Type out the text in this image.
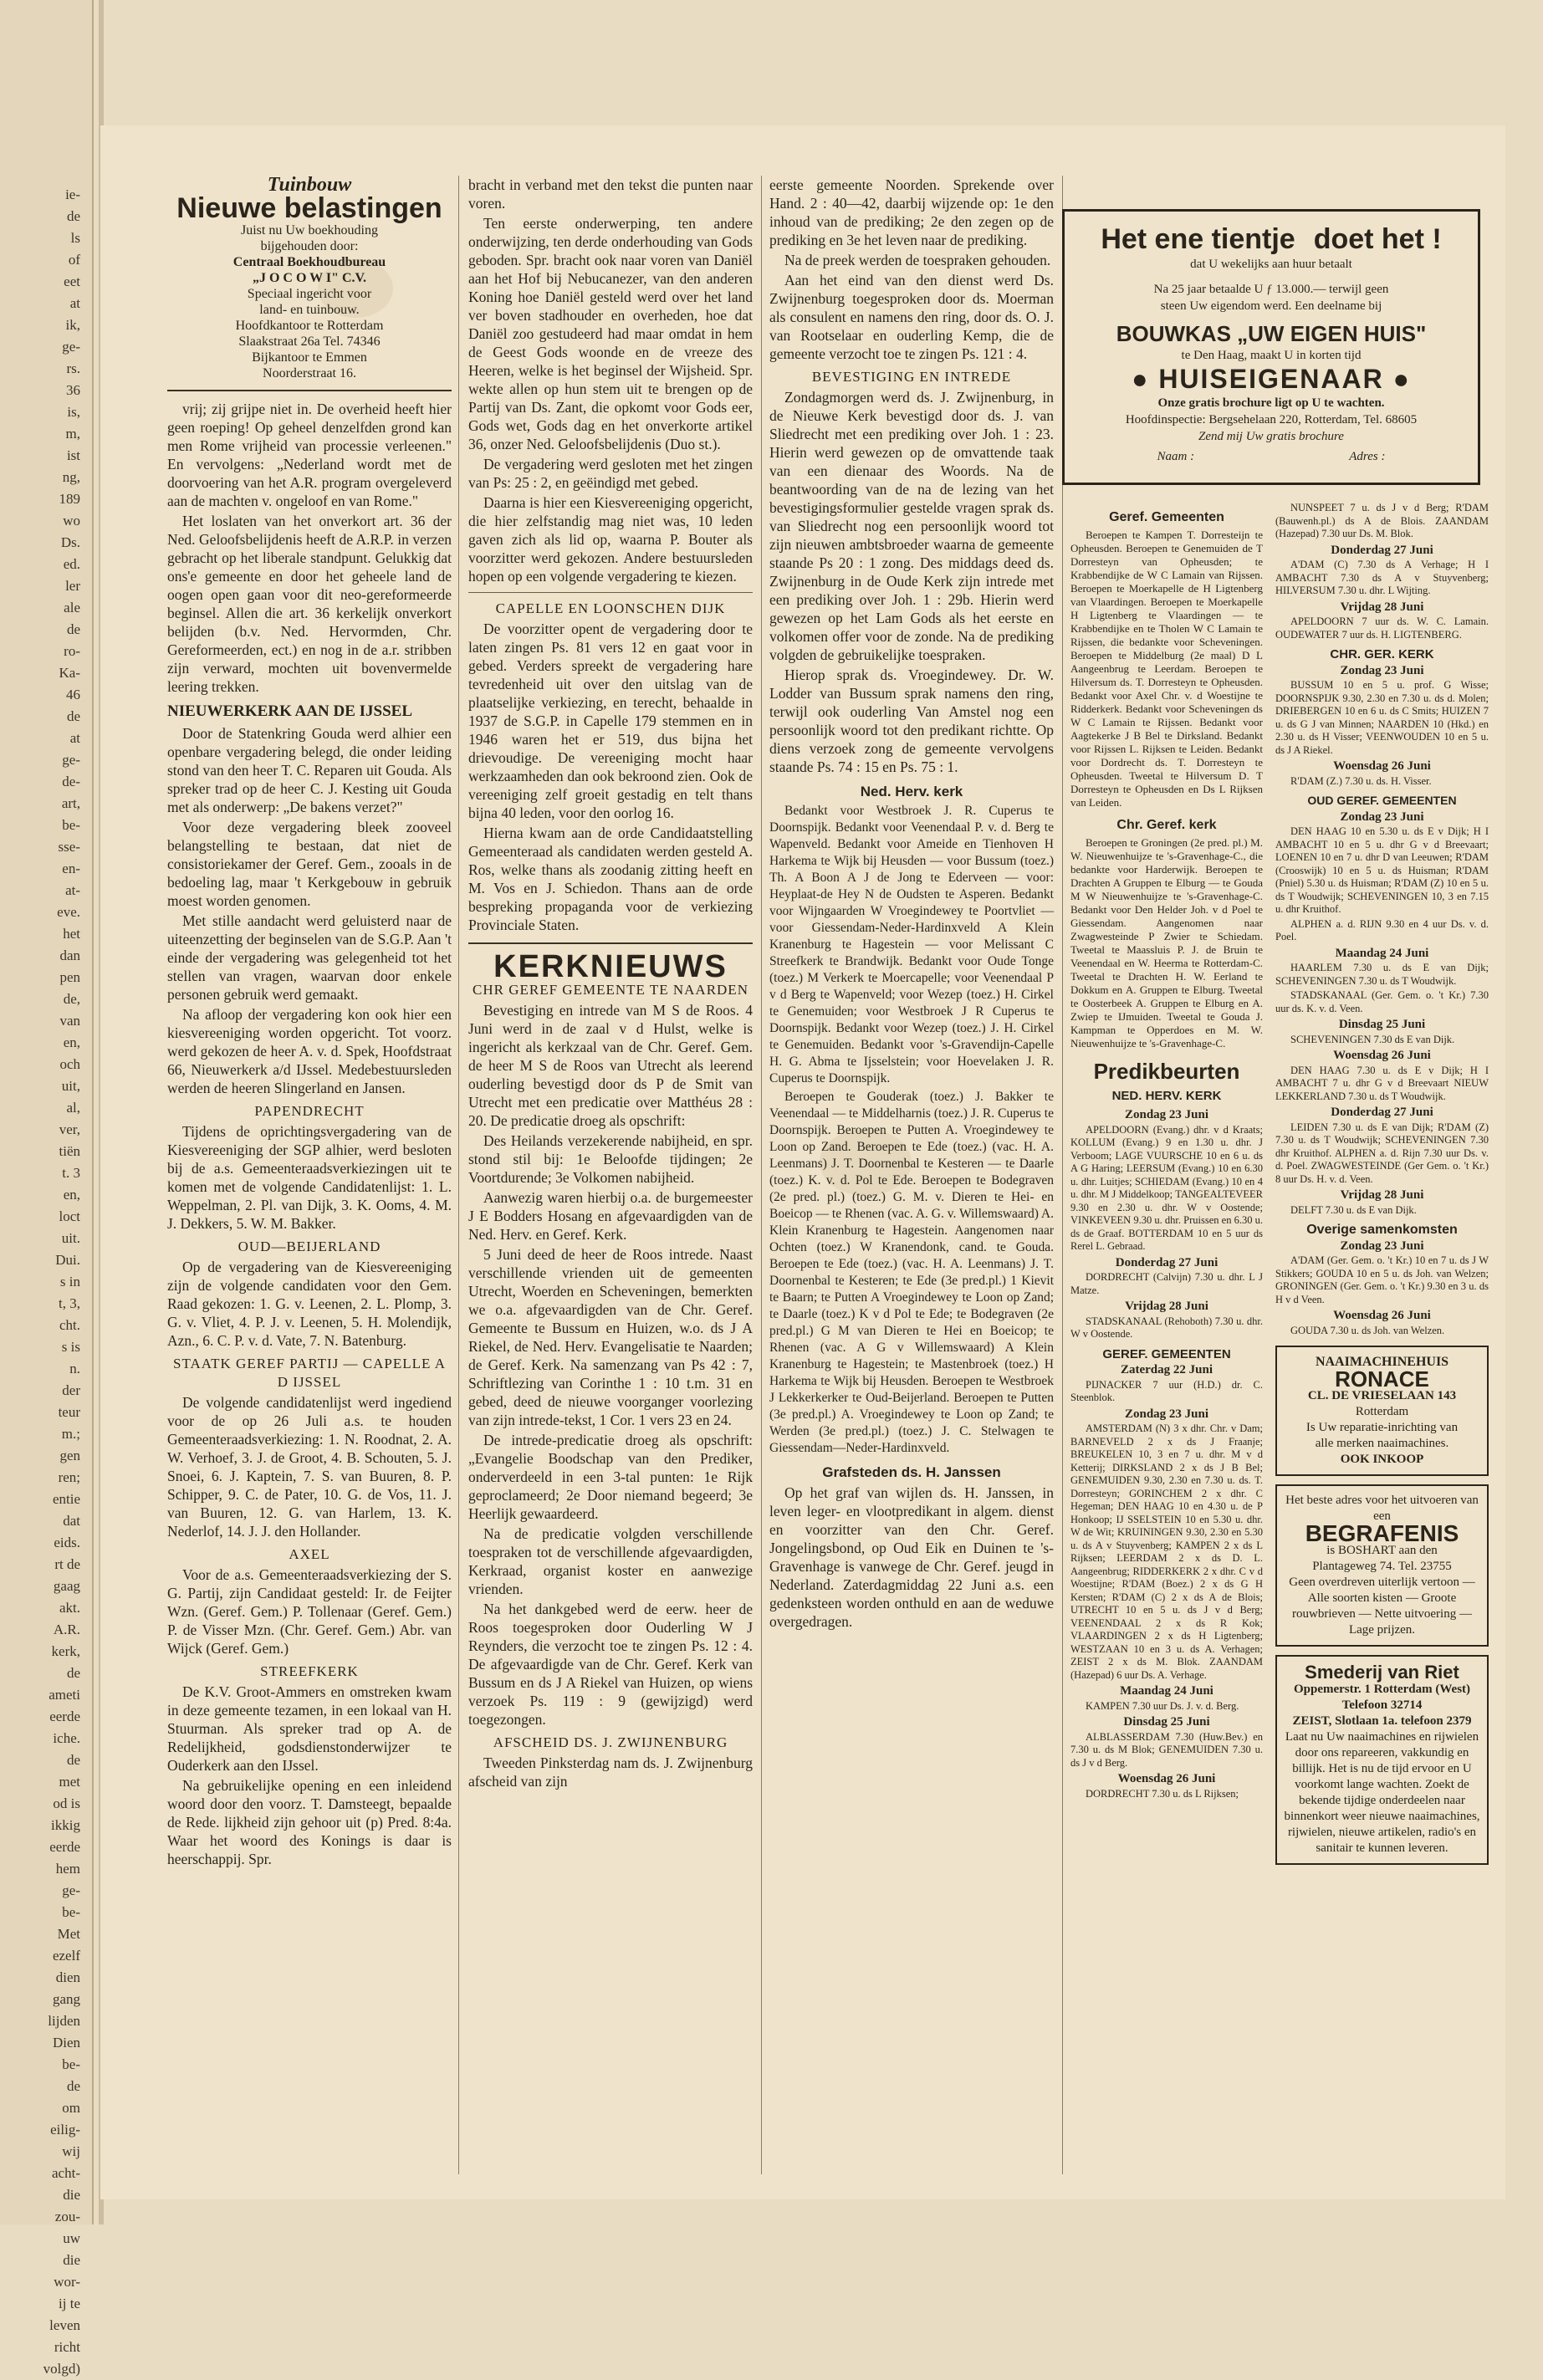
ie-
de
ls
of
eet
at
ik,
ge-
rs.
36
is,
m,
ist
ng,
189
wo
Ds.
ed.
ler
ale
de
ro-
Ka-
46
de
at
ge-
de-
art,
be-
sse-
en-
at-
eve.
het
dan
pen
de,
van
en,
och
uit,
al,
ver,
tiën
t. 3
en,
loct
uit.
Dui.
s in
t, 3,
cht.
s is
n.
der
teur
m.;
gen
ren;
entie
dat
eids.
rt de
gaag
akt.
A.R.
kerk,
de
ameti
eerde
iche.
de
met
od is
ikkig
eerde
hem
ge-
be-
Met
ezelf
dien
gang
lijden
Dien
be-
de
om
eilig-
wij
acht-
die
zou-
uw
die
wor-
ij te
leven
richt
volgd)
Tuinbouw
Nieuwe belastingen
Juist nu Uw boekhouding
bijgehouden door:
Centraal Boekhoudbureau
„J O C O W I" C.V.
Speciaal ingericht voor
land- en tuinbouw.
Hoofdkantoor te Rotterdam
Slaakstraat 26a Tel. 74346
Bijkantoor te Emmen
Noorderstraat 16.

vrij; zij grijpe niet in. De overheid heeft hier geen roeping! Op geheel denzelfden grond kan men Rome vrijheid van processie verleenen." En vervolgens: „Nederland wordt met de doorvoering van het A.R. program overgeleverd aan de machten v. ongeloof en van Rome."

Het loslaten van het onverkort art. 36 der Ned. Geloofsbelijdenis heeft de A.R.P. in verzen gebracht op het liberale standpunt. Gelukkig dat ons'e gemeente en door het geheele land de oogen open gaan voor dit neo-gereformeerde beginsel. Allen die art. 36 kerkelijk onverkort belijden (b.v. Ned. Hervormden, Chr. Gereformeerden, ect.) en nog in de a.r. stribben zijn verward, mochten uit bovenvermelde leering trekken.

NIEUWERKERK AAN DE IJSSEL

Door de Statenkring Gouda werd alhier een openbare vergadering belegd, die onder leiding stond van den heer T. C. Reparen uit Gouda. Als spreker trad op de heer C. J. Kesting uit Gouda met als onderwerp: „De bakens verzet?"

Voor deze vergadering bleek zooveel belangstelling te bestaan, dat niet de consistoriekamer der Geref. Gem., zooals in de bedoeling lag, maar 't Kerkgebouw in gebruik moest worden genomen.

Met stille aandacht werd geluisterd naar de uiteenzetting der beginselen van de S.G.P. Aan 't einde der vergadering was gelegenheid tot het stellen van vragen, waarvan door enkele personen gebruik werd gemaakt.

Na afloop der vergadering kon ook hier een kiesvereeniging worden opgericht. Tot voorz. werd gekozen de heer A. v. d. Spek, Hoofdstraat 66, Nieuwerkerk a/d IJssel. Medebestuursleden werden de heeren Slingerland en Jansen.

PAPENDRECHT

Tijdens de oprichtingsvergadering van de Kiesvereeniging der SGP alhier, werd besloten bij de a.s. Gemeenteraadsverkiezingen uit te komen met de volgende Candidatenlijst: 1. L. Weppelman, 2. Pl. van Dijk, 3. K. Ooms, 4. M. J. Dekkers, 5. W. M. Bakker.

OUD—BEIJERLAND

Op de vergadering van de Kiesvereeniging zijn de volgende candidaten voor den Gem. Raad gekozen: 1. G. v. Leenen, 2. L. Plomp, 3. G. v. Vliet, 4. P. J. v. Leenen, 5. H. Molendijk, Azn., 6. C. P. v. d. Vate, 7. N. Batenburg.

STAATK GEREF PARTIJ — CAPELLE A D IJSSEL

De volgende candidatenlijst werd ingediend voor de op 26 Juli a.s. te houden Gemeenteraadsverkiezing: 1. N. Roodnat, 2. A. W. Verhoef, 3. J. de Groot, 4. B. Schouten, 5. J. Snoei, 6. J. Kaptein, 7. S. van Buuren, 8. P. Schipper, 9. C. de Pater, 10. G. de Vos, 11. J. van Buuren, 12. G. van Harlem, 13. K. Nederlof, 14. J. J. den Hollander.

AXEL

Voor de a.s. Gemeenteraadsverkiezing der S. G. Partij, zijn Candidaat gesteld: Ir. de Feijter Wzn. (Geref. Gem.) P. Tollenaar (Geref. Gem.) P. de Visser Mzn. (Chr. Geref. Gem.) Abr. van Wijck (Geref. Gem.)

STREEFKERK

De K.V. Groot-Ammers en omstreken kwam in deze gemeente tezamen, in een lokaal van H. Stuurman. Als spreker trad op A. de Redelijkheid, godsdienstonderwijzer te Ouderkerk aan den IJssel.

Na gebruikelijke opening en een inleidend woord door den voorz. T. Damsteegt, bepaalde de Rede. lijkheid zijn gehoor uit (p) Pred. 8:4a. Waar het woord des Konings is daar is heerschappij. Spr.

bracht in verband met den tekst die punten naar voren.

Ten eerste onderwerping, ten andere onderwijzing, ten derde onderhouding van Gods geboden. Spr. bracht ook naar voren van Daniël aan het Hof bij Nebucanezer, van den anderen Koning hoe Daniël gesteld werd over het land ver boven stadhouder en overheden, hoe dat Daniël zoo gestudeerd had maar omdat in hem de Geest Gods woonde en de vreeze des Heeren, welke is het beginsel der Wijsheid. Spr. wekte allen op hun stem uit te brengen op de Partij van Ds. Zant, die opkomt voor Gods eer, Gods wet, Gods dag en het onverkorte artikel 36, onzer Ned. Geloofsbelijdenis (Duo st.).

De vergadering werd gesloten met het zingen van Ps: 25 : 2, en geëindigd met gebed.

Daarna is hier een Kiesvereeniging opgericht, die hier zelfstandig mag niet was, 10 leden gaven zich als lid op, waarna P. Bouter als voorzitter werd gekozen. Andere bestuursleden hopen op een volgende vergadering te kiezen.

CAPELLE EN LOONSCHEN DIJK

De voorzitter opent de vergadering door te laten zingen Ps. 81 vers 12 en gaat voor in gebed. Verders spreekt de vergadering hare tevredenheid uit over den uitslag van de plaatselijke verkiezing, en terecht, behaalde in 1937 de S.G.P. in Capelle 179 stemmen en in 1946 waren het er 519, dus bijna het drievoudige. De vereeniging mocht haar werkzaamheden dan ook bekroond zien. Ook de vereeniging zelf groeit gestadig en telt thans bijna 40 leden, voor den oorlog 16.

Hierna kwam aan de orde Candidaatstelling Gemeenteraad als candidaten werden gesteld A. Ros, welke thans als zoodanig zitting heeft en M. Vos en J. Schiedon. Thans aan de orde bespreking propaganda voor de verkiezing Provinciale Staten.

KERKNIEUWS
CHR GEREF GEMEENTE TE NAARDEN

Bevestiging en intrede van M S de Roos. 4 Juni werd in de zaal v d Hulst, welke is ingericht als kerkzaal van de Chr. Geref. Gem. de heer M S de Roos van Utrecht als leerend ouderling bevestigd door ds P de Smit van Utrecht met een predicatie over Matthéus 28 : 20. De predicatie droeg als opschrift:

Des Heilands verzekerende nabijheid, en spr. stond stil bij: 1e Beloofde tijdingen; 2e Voortdurende; 3e Volkomen nabijheid.

Aanwezig waren hierbij o.a. de burgemeester J E Bodders Hosang en afgevaardigden van de Ned. Herv. en Geref. Kerk.

5 Juni deed de heer de Roos intrede. Naast verschillende vrienden uit de gemeenten Utrecht, Woerden en Scheveningen, bemerkten we o.a. afgevaardigden van de Chr. Geref. Gemeente te Bussum en Huizen, w.o. ds J A Riekel, de Ned. Herv. Evangelisatie te Naarden; de Geref. Kerk. Na samenzang van Ps 42 : 7, Schriftlezing van Corinthe 1 : 10 t.m. 31 en gebed, deed de nieuwe voorganger voorlezing van zijn intrede-tekst, 1 Cor. 1 vers 23 en 24.

De intrede-predicatie droeg als opschrift: „Evangelie Boodschap van den Prediker, onderverdeeld in een 3-tal punten: 1e Rijk geproclameerd; 2e Door niemand begeerd; 3e Heerlijk gewaardeerd.

Na de predicatie volgden verschillende toespraken tot de verschillende afgevaardigden, Kerkraad, organist koster en aanwezige vrienden.

Na het dankgebed werd de eerw. heer de Roos toegesproken door Ouderling W J Reynders, die verzocht toe te zingen Ps. 12 : 4. De afgevaardigde van de Chr. Geref. Kerk van Bussum en ds J A Riekel van Huizen, op wiens verzoek Ps. 119 : 9 (gewijzigd) werd toegezongen.

AFSCHEID DS. J. ZWIJNENBURG

Tweeden Pinksterdag nam ds. J. Zwijnenburg afscheid van zijn

eerste gemeente Noorden. Sprekende over Hand. 2 : 40—42, daarbij wijzende op: 1e den inhoud van de prediking; 2e den zegen op de prediking en 3e het leven naar de prediking.

Na de preek werden de toespraken gehouden.

Aan het eind van den dienst werd Ds. Zwijnenburg toegesproken door ds. Moerman als consulent en namens den ring, door ds. O. J. van Rootselaar en ouderling Kemp, die de gemeente verzocht toe te zingen Ps. 121 : 4.

BEVESTIGING EN INTREDE

Zondagmorgen werd ds. J. Zwijnenburg, in de Nieuwe Kerk bevestigd door ds. J. van Sliedrecht met een prediking over Joh. 1 : 23. Hierin werd gewezen op de omvattende taak van een dienaar des Woords. Na de beantwoording van de na de lezing van het bevestigingsformulier gestelde vragen sprak ds. van Sliedrecht nog een persoonlijk woord tot zijn nieuwen ambtsbroeder waarna de gemeente staande Ps 20 : 1 zong. Des middags deed ds. Zwijnenburg in de Oude Kerk zijn intrede met een prediking over Joh. 1 : 29b. Hierin werd gewezen op het Lam Gods als het eerste en volkomen offer voor de zonde. Na de prediking volgden de gebruikelijke toespraken.

Hierop sprak ds. Vroegindewey. Dr. W. Lodder van Bussum sprak namens den ring, terwijl ook ouderling Van Amstel nog een persoonlijk woord tot den predikant richtte. Op diens verzoek zong de gemeente vervolgens staande Ps. 74 : 15 en Ps. 75 : 1.

Ned. Herv. kerk

Bedankt voor Westbroek J. R. Cuperus te Doornspijk. Bedankt voor Veenendaal P. v. d. Berg te Wapenveld. Bedankt voor Ameide en Tienhoven H Harkema te Wijk bij Heusden — voor Bussum (toez.) Th. A Boon A J de Jong te Ederveen — voor: Heyplaat-de Hey N de Oudsten te Asperen. Bedankt voor Wijngaarden W Vroegindewey te Poortvliet — voor Giessendam-Neder-Hardinxveld A Klein Kranenburg te Hagestein — voor Melissant C Streefkerk te Brandwijk. Bedankt voor Oude Tonge (toez.) M Verkerk te Moercapelle; voor Veenendaal P v d Berg te Wapenveld; voor Wezep (toez.) H. Cirkel te Genemuiden; voor Westbroek J R Cuperus te Doornspijk. Bedankt voor Wezep (toez.) J. H. Cirkel te Genemuiden. Bedankt voor 's-Gravendijn-Capelle H. G. Abma te Ijsselstein; voor Hoevelaken J. R. Cuperus te Doornspijk.

Beroepen te Gouderak (toez.) J. Bakker te Veenendaal — te Middelharnis (toez.) J. R. Cuperus te Doornspijk. Beroepen te Putten A. Vroegindewey te Loon op Zand. Beroepen te Ede (toez.) (vac. H. A. Leenmans) J. T. Doornenbal te Kesteren — te Daarle (toez.) K. v. d. Pol te Ede. Beroepen te Bodegraven (2e pred. pl.) (toez.) G. M. v. Dieren te Hei- en Boeicop — te Rhenen (vac. A. G. v. Willemswaard) A. Klein Kranenburg te Hagestein. Aangenomen naar Ochten (toez.) W Kranendonk, cand. te Gouda. Beroepen te Ede (toez.) (vac. H. A. Leenmans) J. T. Doornenbal te Kesteren; te Ede (3e pred.pl.) 1 Kievit te Baarn; te Putten A Vroegindewey te Loon op Zand; te Daarle (toez.) K v d Pol te Ede; te Bodegraven (2e pred.pl.) G M van Dieren te Hei en Boeicop; te Rhenen (vac. A G v Willemswaard) A Klein Kranenburg te Hagestein; te Mastenbroek (toez.) H Harkema te Wijk bij Heusden. Beroepen te Westbroek J Lekkerkerker te Oud-Beijerland. Beroepen te Putten (3e pred.pl.) A. Vroegindewey te Loon op Zand; te Werden (3e pred.pl.) (toez.) J. C. Stelwagen te Giessendam—Neder-Hardinxveld.

Grafsteden ds. H. Janssen

Op het graf van wijlen ds. H. Janssen, in leven leger- en vlootpredikant in algem. dienst en voorzitter van den Chr. Geref. Jongelingsbond, op Oud Eik en Duinen te 's-Gravenhage is vanwege de Chr. Geref. jeugd in Nederland. Zaterdagmiddag 22 Juni a.s. een gedenksteen worden onthuld en aan de weduwe overgedragen.

Het ene tientje doet het !
dat U wekelijks aan huur betaalt
Na 25 jaar betaalde U ƒ 13.000.— terwijl geen
steen Uw eigendom werd. Een deelname bij
BOUWKAS „UW EIGEN HUIS"
te Den Haag, maakt U in korten tijd
● HUISEIGENAAR ●
Onze gratis brochure ligt op U te wachten.
Hoofdinspectie: Bergsehelaan 220, Rotterdam, Tel. 68605
Zend mij Uw gratis brochure
Naam :	Adres :
Geref. Gemeenten

Beroepen te Kampen T. Dorresteijn te Opheusden. Beroepen te Genemuiden de T Dorresteyn van Opheusden; te Krabbendijke de W C Lamain van Rijssen. Beroepen te Moerkapelle de H Ligtenberg van Vlaardingen. Beroepen te Moerkapelle H Ligtenberg te Vlaardingen — te Krabbendijke en te Tholen W C Lamain te Rijssen, die bedankte voor Scheveningen. Beroepen te Middelburg (2e maal) D L Aangeenbrug te Leerdam. Beroepen te Hilversum ds. T. Dorresteyn te Opheusden. Bedankt voor Axel Chr. v. d Woestijne te Ridderkerk. Bedankt voor Scheveningen ds W C Lamain te Rijssen. Bedankt voor Aagtekerke J B Bel te Dirksland. Bedankt voor Rijssen L. Rijksen te Leiden. Bedankt voor Dordrecht ds. T. Dorresteyn te Opheusden. Tweetal te Hilversum D. T Dorresteyn te Opheusden en Ds L Rijksen van Leiden.

Chr. Geref. kerk

Beroepen te Groningen (2e pred. pl.) M. W. Nieuwenhuijze te 's-Gravenhage-C., die bedankte voor Harderwijk. Beroepen te Drachten A Gruppen te Elburg — te Gouda M W Nieuwenhuijze te 's-Gravenhage-C. Bedankt voor Den Helder Joh. v d Poel te Giessendam. Aangenomen naar Zwagwesteinde P Zwier te Schiedam. Tweetal te Maassluis P. J. de Bruin te Veenendaal en W. Heerma te Rotterdam-C. Tweetal te Drachten H. W. Eerland te Dokkum en A. Gruppen te Elburg. Tweetal te Oosterbeek A. Gruppen te Elburg en A. Zwiep te IJmuiden. Tweetal te Gouda J. Kampman te Opperdoes en M. W. Nieuwenhuijze te 's-Gravenhage-C.

Predikbeurten
NED. HERV. KERK
Zondag 23 Juni

APELDOORN (Evang.) dhr. v d Kraats; KOLLUM (Evang.) 9 en 1.30 u. dhr. J Verboom; LAGE VUURSCHE 10 en 6 u. ds A G Haring; LEERSUM (Evang.) 10 en 6.30 u. dhr. Luitjes; SCHIEDAM (Evang.) 10 en 4 u. dhr. M J Middelkoop; TANGEALTEVEER 9.30 en 2.30 u. dhr. W v Oostende; VINKEVEEN 9.30 u. dhr. Pruissen en 6.30 u. ds de Graaf. BOTTERDAM 10 en 5 uur ds Rerel L. Gebraad.

Donderdag 27 Juni

DORDRECHT (Calvijn) 7.30 u. dhr. L J Matze.

Vrijdag 28 Juni

STADSKANAAL (Rehoboth) 7.30 u. dhr. W v Oostende.

GEREF. GEMEENTEN
Zaterdag 22 Juni

PIJNACKER 7 uur (H.D.) dr. C. Steenblok.

Zondag 23 Juni

AMSTERDAM (N) 3 x dhr. Chr. v Dam; BARNEVELD 2 x ds J Fraanje; BREUKELEN 10, 3 en 7 u. dhr. M v d Ketterij; DIRKSLAND 2 x ds J B Bel; GENEMUIDEN 9.30, 2.30 en 7.30 u. ds. T. Dorresteyn; GORINCHEM 2 x dhr. C Hegeman; DEN HAAG 10 en 4.30 u. de P Honkoop; IJ SSELSTEIN 10 en 5.30 u. dhr. W de Wit; KRUININGEN 9.30, 2.30 en 5.30 u. ds A v Stuyvenberg; KAMPEN 2 x ds L Rijksen; LEERDAM 2 x ds D. L. Aangeenbrug; RIDDERKERK 2 x dhr. C v d Woestijne; R'DAM (Boez.) 2 x ds G H Kersten; R'DAM (C) 2 x ds A de Blois; UTRECHT 10 en 5 u. ds J v d Berg; VEENENDAAL 2 x ds R Kok; VLAARDINGEN 2 x ds H Ligtenberg; WESTZAAN 10 en 3 u. ds A. Verhagen; ZEIST 2 x ds M. Blok. ZAANDAM (Hazepad) 6 uur Ds. A. Verhage.

Maandag 24 Juni

KAMPEN 7.30 uur Ds. J. v. d. Berg.

Dinsdag 25 Juni

ALBLASSERDAM 7.30 (Huw.Bev.) en 7.30 u. ds M Blok; GENEMUIDEN 7.30 u. ds J v d Berg.

Woensdag 26 Juni

DORDRECHT 7.30 u. ds L Rijksen;

NUNSPEET 7 u. ds J v d Berg; R'DAM (Bauwenh.pl.) ds A de Blois. ZAANDAM (Hazepad) 7.30 uur Ds. M. Blok.

Donderdag 27 Juni

A'DAM (C) 7.30 ds A Verhage; H I AMBACHT 7.30 ds A v Stuyvenberg; HILVERSUM 7.30 u. dhr. L Wijting.

Vrijdag 28 Juni

APELDOORN 7 uur ds. W. C. Lamain. OUDEWATER 7 uur ds. H. LIGTENBERG.

CHR. GER. KERK
Zondag 23 Juni

BUSSUM 10 en 5 u. prof. G Wisse; DOORNSPIJK 9.30, 2.30 en 7.30 u. ds d. Molen; DRIEBERGEN 10 en 6 u. ds C Smits; HUIZEN 7 u. ds G J van Minnen; NAARDEN 10 (Hkd.) en 2.30 u. ds H Visser; VEENWOUDEN 10 en 5 u. ds J A Riekel.

Woensdag 26 Juni

R'DAM (Z.) 7.30 u. ds. H. Visser.

OUD GEREF. GEMEENTEN
Zondag 23 Juni

DEN HAAG 10 en 5.30 u. ds E v Dijk; H I AMBACHT 10 en 5 u. dhr G v d Breevaart; LOENEN 10 en 7 u. dhr D van Leeuwen; R'DAM (Crooswijk) 10 en 5 u. ds Huisman; R'DAM (Pniel) 5.30 u. ds Huisman; R'DAM (Z) 10 en 5 u. ds T Woudwijk; SCHEVENINGEN 10, 3 en 7.15 u. dhr Kruithof.

ALPHEN a. d. RIJN 9.30 en 4 uur Ds. v. d. Poel.

Maandag 24 Juni

HAARLEM 7.30 u. ds E van Dijk; SCHEVENINGEN 7.30 u. ds T Woudwijk.

STADSKANAAL (Ger. Gem. o. 't Kr.) 7.30 uur ds. K. v. d. Veen.

Dinsdag 25 Juni

SCHEVENINGEN 7.30 ds E van Dijk.

Woensdag 26 Juni

DEN HAAG 7.30 u. ds E v Dijk; H I AMBACHT 7 u. dhr G v d Breevaart NIEUW LEKKERLAND 7.30 u. ds T Woudwijk.

Donderdag 27 Juni

LEIDEN 7.30 u. ds E van Dijk; R'DAM (Z) 7.30 u. ds T Woudwijk; SCHEVENINGEN 7.30 dhr Kruithof. ALPHEN a. d. Rijn 7.30 uur Ds. v. d. Poel. ZWAGWESTEINDE (Ger Gem. o. 't Kr.) 8 uur Ds. H. v. d. Veen.

Vrijdag 28 Juni

DELFT 7.30 u. ds E van Dijk.

Overige samenkomsten
Zondag 23 Juni

A'DAM (Ger. Gem. o. 't Kr.) 10 en 7 u. ds J W Stikkers; GOUDA 10 en 5 u. ds Joh. van Welzen; GRONINGEN (Ger. Gem. o. 't Kr.) 9.30 en 3 u. ds H v d Veen.

Woensdag 26 Juni

GOUDA 7.30 u. ds Joh. van Welzen.

NAAIMACHINEHUIS
RONACE
CL. DE VRIESELAAN 143
Rotterdam
Is Uw reparatie-inrichting van
alle merken naaimachines.
OOK INKOOP
Het beste adres voor het uitvoeren van een
BEGRAFENIS
is BOSHART aan den
Plantageweg 74. Tel. 23755
Geen overdreven uiterlijk vertoon — Alle soorten kisten — Groote rouwbrieven — Nette uitvoering — Lage prijzen.
Smederij van Riet
Oppemerstr. 1 Rotterdam (West) Telefoon 32714
ZEIST, Slotlaan 1a. telefoon 2379
Laat nu Uw naaimachines en rijwielen door ons repareeren, vakkundig en billijk. Het is nu de tijd ervoor en U voorkomt lange wachten. Zoekt de bekende tijdige onderdeelen naar binnenkort weer nieuwe naaimachines, rijwielen, nieuwe artikelen, radio's en sanitair te kunnen leveren.
